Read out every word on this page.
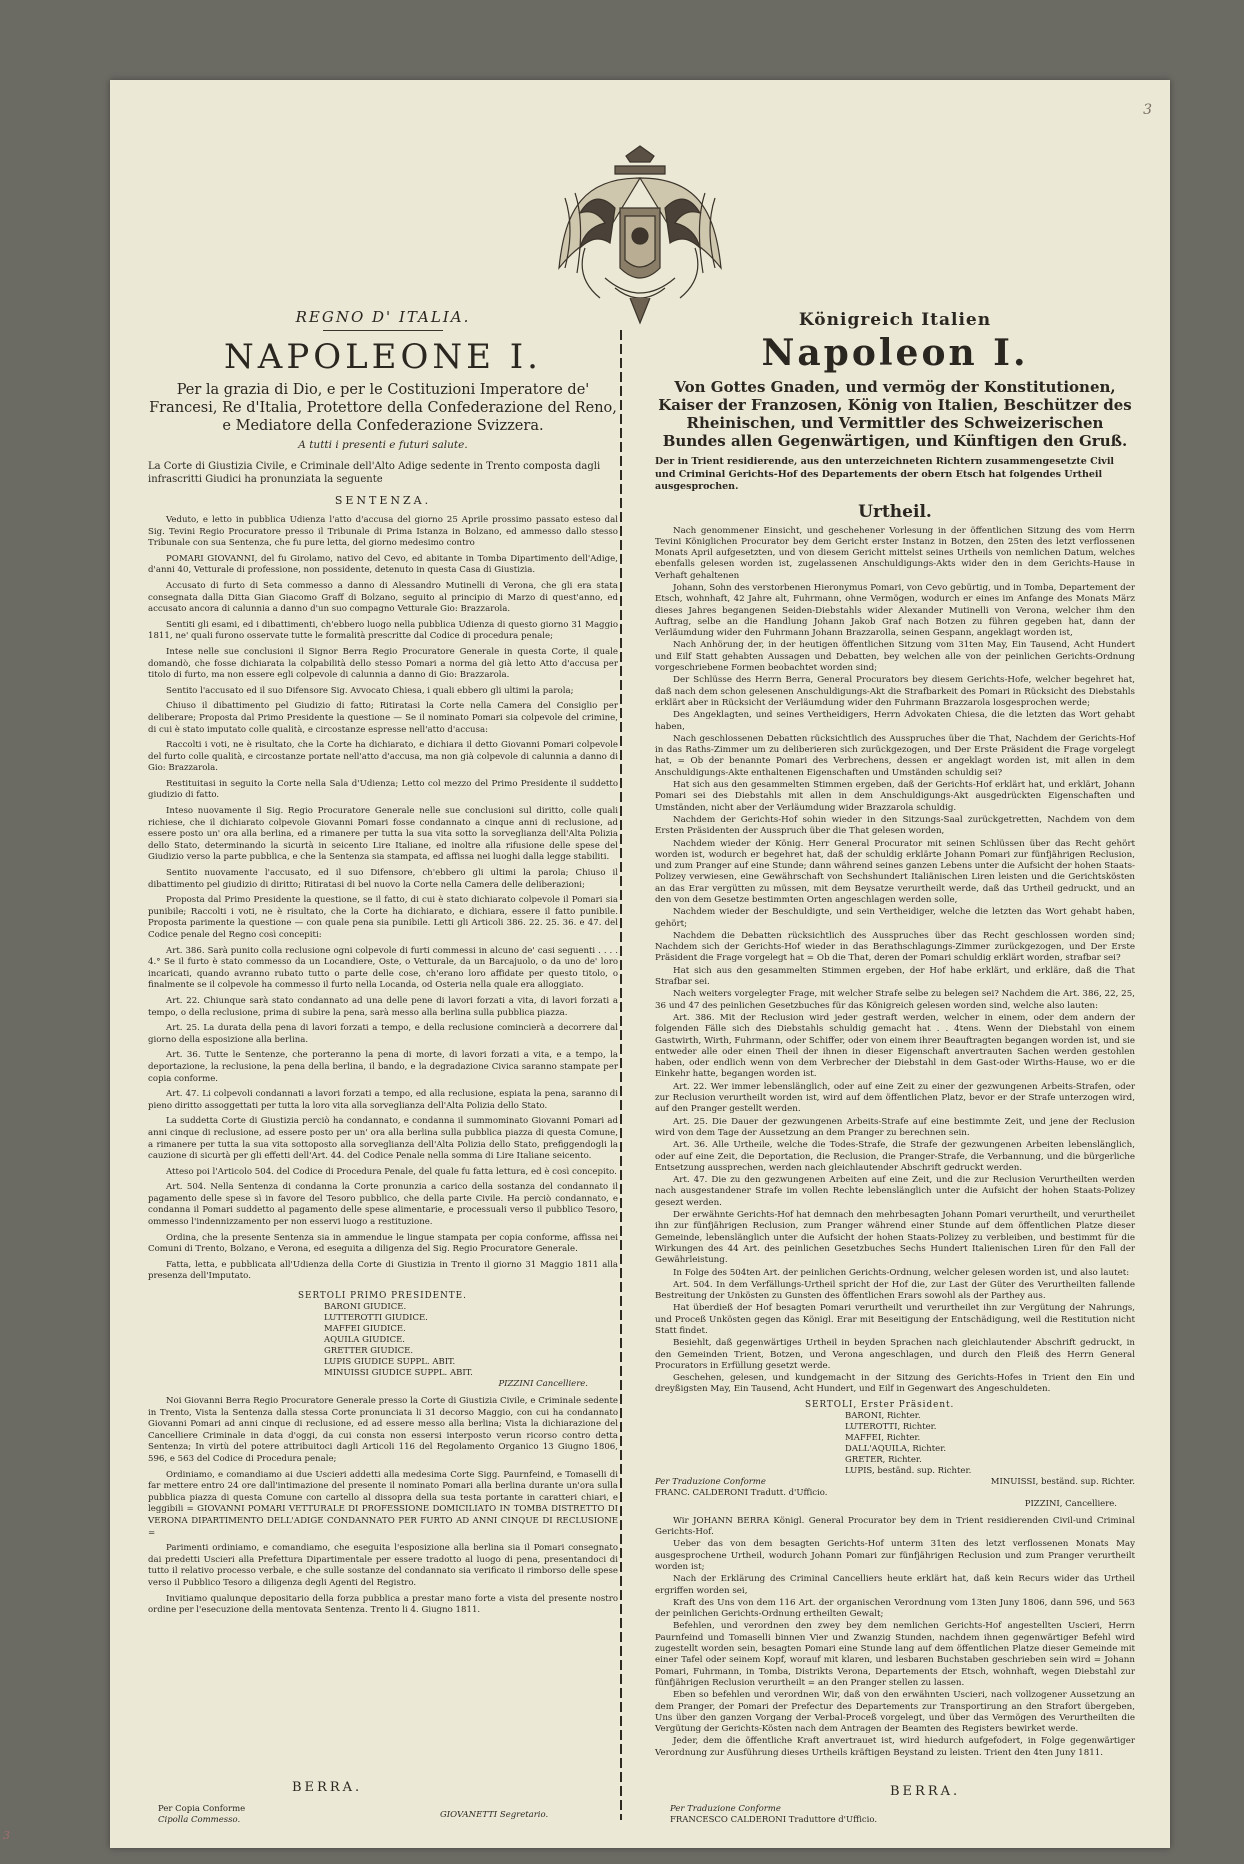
3
REGNO D' ITALIA.
NAPOLEONE I.
Per la grazia di Dio, e per le Costituzioni Imperatore de' Francesi, Re d'Italia, Protettore della Confederazione del Reno, e Mediatore della Confederazione Svizzera.
A tutti i presenti e futuri salute.
La Corte di Giustizia Civile, e Criminale dell'Alto Adige sedente in Trento composta dagli infrascritti Giudici ha pronunziata la seguente
SENTENZA.

Veduto, e letto in pubblica Udienza l'atto d'accusa del giorno 25 Aprile prossimo passato esteso dal Sig. Tevini Regio Procuratore presso il Tribunale di Prima Istanza in Bolzano, ed ammesso dallo stesso Tribunale con sua Sentenza, che fu pure letta, del giorno medesimo contro

POMARI GIOVANNI, del fu Girolamo, nativo del Cevo, ed abitante in Tomba Dipartimento dell'Adige, d'anni 40, Vetturale di professione, non possidente, detenuto in questa Casa di Giustizia.

Accusato di furto di Seta commesso a danno di Alessandro Mutinelli di Verona, che gli era stata consegnata dalla Ditta Gian Giacomo Graff di Bolzano, seguito al principio di Marzo di quest'anno, ed accusato ancora di calunnia a danno d'un suo compagno Vetturale Gio: Brazzarola.

Sentiti gli esami, ed i dibattimenti, ch'ebbero luogo nella pubblica Udienza di questo giorno 31 Maggio 1811, ne' quali furono osservate tutte le formalità prescritte dal Codice di procedura penale;

Intese nelle sue conclusioni il Signor Berra Regio Procuratore Generale in questa Corte, il quale domandò, che fosse dichiarata la colpabilità dello stesso Pomari a norma del già letto Atto d'accusa per titolo di furto, ma non essere egli colpevole di calunnia a danno di Gio: Brazzarola.

Sentito l'accusato ed il suo Difensore Sig. Avvocato Chiesa, i quali ebbero gli ultimi la parola;

Chiuso il dibattimento pel Giudizio di fatto; Ritiratasi la Corte nella Camera del Consiglio per deliberare; Proposta dal Primo Presidente la questione — Se il nominato Pomari sia colpevole del crimine, di cui è stato imputato colle qualità, e circostanze espresse nell'atto d'accusa:

Raccolti i voti, ne è risultato, che la Corte ha dichiarato, e dichiara il detto Giovanni Pomari colpevole del furto colle qualità, e circostanze portate nell'atto d'accusa, ma non già colpevole di calunnia a danno di Gio: Brazzarola.

Restituitasi in seguito la Corte nella Sala d'Udienza; Letto col mezzo del Primo Presidente il suddetto giudizio di fatto.

Inteso nuovamente il Sig. Regio Procuratore Generale nelle sue conclusioni sul diritto, colle quali richiese, che il dichiarato colpevole Giovanni Pomari fosse condannato a cinque anni di reclusione, ad essere posto un' ora alla berlina, ed a rimanere per tutta la sua vita sotto la sorveglianza dell'Alta Polizia dello Stato, determinando la sicurtà in seicento Lire Italiane, ed inoltre alla rifusione delle spese del Giudizio verso la parte pubblica, e che la Sentenza sia stampata, ed affissa nei luoghi dalla legge stabiliti.

Sentito nuovamente l'accusato, ed il suo Difensore, ch'ebbero gli ultimi la parola; Chiuso il dibattimento pel giudizio di diritto; Ritiratasi di bel nuovo la Corte nella Camera delle deliberazioni;

Proposta dal Primo Presidente la questione, se il fatto, di cui è stato dichiarato colpevole il Pomari sia punibile; Raccolti i voti, ne è risultato, che la Corte ha dichiarato, e dichiara, essere il fatto punibile. Proposta parimente la questione — con quale pena sia punibile. Letti gli Articoli 386. 22. 25. 36. e 47. del Codice penale del Regno così concepiti:

Art. 386. Sarà punito colla reclusione ogni colpevole di furti commessi in alcuno de' casi seguenti . . . . 4.° Se il furto è stato commesso da un Locandiere, Oste, o Vetturale, da un Barcajuolo, o da uno de' loro incaricati, quando avranno rubato tutto o parte delle cose, ch'erano loro affidate per questo titolo, o finalmente se il colpevole ha commesso il furto nella Locanda, od Osteria nella quale era alloggiato.

Art. 22. Chiunque sarà stato condannato ad una delle pene di lavori forzati a vita, di lavori forzati a tempo, o della reclusione, prima di subire la pena, sarà messo alla berlina sulla pubblica piazza.

Art. 25. La durata della pena di lavori forzati a tempo, e della reclusione comincierà a decorrere dal giorno della esposizione alla berlina.

Art. 36. Tutte le Sentenze, che porteranno la pena di morte, di lavori forzati a vita, e a tempo, la deportazione, la reclusione, la pena della berlina, il bando, e la degradazione Civica saranno stampate per copia conforme.

Art. 47. Li colpevoli condannati a lavori forzati a tempo, ed alla reclusione, espiata la pena, saranno di pieno diritto assoggettati per tutta la loro vita alla sorveglianza dell'Alta Polizia dello Stato.

La suddetta Corte di Giustizia perciò ha condannato, e condanna il summominato Giovanni Pomari ad anni cinque di reclusione, ad essere posto per un' ora alla berlina sulla pubblica piazza di questa Comune, a rimanere per tutta la sua vita sottoposto alla sorveglianza dell'Alta Polizia dello Stato, prefiggendogli la cauzione di sicurtà per gli effetti dell'Art. 44. del Codice Penale nella somma di Lire Italiane seicento.

Atteso poi l'Articolo 504. del Codice di Procedura Penale, del quale fu fatta lettura, ed è così concepito.

Art. 504. Nella Sentenza di condanna la Corte pronunzia a carico della sostanza del condannato il pagamento delle spese sì in favore del Tesoro pubblico, che della parte Civile. Ha perciò condannato, e condanna il Pomari suddetto al pagamento delle spese alimentarie, e processuali verso il pubblico Tesoro, ommesso l'indennizzamento per non esservi luogo a restituzione.

Ordina, che la presente Sentenza sia in ammendue le lingue stampata per copia conforme, affissa nei Comuni di Trento, Bolzano, e Verona, ed eseguita a diligenza del Sig. Regio Procuratore Generale.

Fatta, letta, e pubblicata all'Udienza della Corte di Giustizia in Trento il giorno 31 Maggio 1811 alla presenza dell'Imputato.

SERTOLI PRIMO PRESIDENTE.
BARONI GIUDICE.
LUTTEROTTI GIUDICE.
MAFFEI GIUDICE.
AQUILA GIUDICE.
GRETTER GIUDICE.
LUPIS GIUDICE SUPPL. ABIT.
MINUISSI GIUDICE SUPPL. ABIT.
PIZZINI Cancelliere.

Noi Giovanni Berra Regio Procuratore Generale presso la Corte di Giustizia Civile, e Criminale sedente in Trento, Vista la Sentenza dalla stessa Corte pronunciata li 31 decorso Maggio, con cui ha condannato Giovanni Pomari ad anni cinque di reclusione, ed ad essere messo alla berlina; Vista la dichiarazione del Cancelliere Criminale in data d'oggi, da cui consta non essersi interposto verun ricorso contro detta Sentenza; In virtù del potere attribuitoci dagli Articoli 116 del Regolamento Organico 13 Giugno 1806, 596, e 563 del Codice di Procedura penale;

Ordiniamo, e comandiamo ai due Uscieri addetti alla medesima Corte Sigg. Paurnfeind, e Tomaselli di far mettere entro 24 ore dall'intimazione del presente il nominato Pomari alla berlina durante un'ora sulla pubblica piazza di questa Comune con cartello al dissopra della sua testa portante in caratteri chiari, e leggibili = GIOVANNI POMARI VETTURALE DI PROFESSIONE DOMICILIATO IN TOMBA DISTRETTO DI VERONA DIPARTIMENTO DELL'ADIGE CONDANNATO PER FURTO AD ANNI CINQUE DI RECLUSIONE =

Parimenti ordiniamo, e comandiamo, che eseguita l'esposizione alla berlina sia il Pomari consegnato dai predetti Uscieri alla Prefettura Dipartimentale per essere tradotto al luogo di pena, presentandoci di tutto il relativo processo verbale, e che sulle sostanze del condannato sia verificato il rimborso delle spese verso il Pubblico Tesoro a diligenza degli Agenti del Registro.

Invitiamo qualunque depositario della forza pubblica a prestar mano forte a vista del presente nostro ordine per l'esecuzione della mentovata Sentenza. Trento li 4. Giugno 1811.

BERRA.
Per Copia Conforme
Cipolla Commesso.	GIOVANETTI Segretario.
Königreich Italien
Napoleon I.
Von Gottes Gnaden, und vermög der Konstitutionen, Kaiser der Franzosen, König von Italien, Beschützer des Rheinischen, und Vermittler des Schweizerischen Bundes allen Gegenwärtigen, und Künftigen den Gruß.
Der in Trient residierende, aus den unterzeichneten Richtern zusammengesetzte Civil und Criminal Gerichts-Hof des Departements der obern Etsch hat folgendes Urtheil ausgesprochen.
Urtheil.

Nach genommener Einsicht, und geschehener Vorlesung in der öffentlichen Sitzung des vom Herrn Tevini Königlichen Procurator bey dem Gericht erster Instanz in Botzen, den 25ten des letzt verflossenen Monats April aufgesetzten, und von diesem Gericht mittelst seines Urtheils von nemlichen Datum, welches ebenfalls gelesen worden ist, zugelassenen Anschuldigungs-Akts wider den in dem Gerichts-Hause in Verhaft gehaltenen

Johann, Sohn des verstorbenen Hieronymus Pomari, von Cevo gebürtig, und in Tomba, Departement der Etsch, wohnhaft, 42 Jahre alt, Fuhrmann, ohne Vermögen, wodurch er eines im Anfange des Monats März dieses Jahres begangenen Seiden-Diebstahls wider Alexander Mutinelli von Verona, welcher ihm den Auftrag, selbe an die Handlung Johann Jakob Graf nach Botzen zu führen gegeben hat, dann der Verläumdung wider den Fuhrmann Johann Brazzarolla, seinen Gespann, angeklagt worden ist,

Nach Anhörung der, in der heutigen öffentlichen Sitzung vom 31ten May, Ein Tausend, Acht Hundert und Eilf Statt gehabten Aussagen und Debatten, bey welchen alle von der peinlichen Gerichts-Ordnung vorgeschriebene Formen beobachtet worden sind;

Der Schlüsse des Herrn Berra, General Procurators bey diesem Gerichts-Hofe, welcher begehret hat, daß nach dem schon gelesenen Anschuldigungs-Akt die Strafbarkeit des Pomari in Rücksicht des Diebstahls erklärt aber in Rücksicht der Verläumdung wider den Fuhrmann Brazzarola losgesprochen werde;

Des Angeklagten, und seines Vertheidigers, Herrn Advokaten Chiesa, die die letzten das Wort gehabt haben,

Nach geschlossenen Debatten rücksichtlich des Ausspruches über die That, Nachdem der Gerichts-Hof in das Raths-Zimmer um zu deliberieren sich zurückgezogen, und Der Erste Präsident die Frage vorgelegt hat, = Ob der benannte Pomari des Verbrechens, dessen er angeklagt worden ist, mit allen in dem Anschuldigungs-Akte enthaltenen Eigenschaften und Umständen schuldig sei?

Hat sich aus den gesammelten Stimmen ergeben, daß der Gerichts-Hof erklärt hat, und erklärt, Johann Pomari sei des Diebstahls mit allen in dem Anschuldigungs-Akt ausgedrückten Eigenschaften und Umständen, nicht aber der Verläumdung wider Brazzarola schuldig.

Nachdem der Gerichts-Hof sohin wieder in den Sitzungs-Saal zurückgetretten, Nachdem von dem Ersten Präsidenten der Ausspruch über die That gelesen worden,

Nachdem wieder der König. Herr General Procurator mit seinen Schlüssen über das Recht gehört worden ist, wodurch er begehret hat, daß der schuldig erklärte Johann Pomari zur fünfjährigen Reclusion, und zum Pranger auf eine Stunde; dann während seines ganzen Lebens unter die Aufsicht der hohen Staats-Polizey verwiesen, eine Gewährschaft von Sechshundert Italiänischen Liren leisten und die Gerichtskösten an das Erar vergütten zu müssen, mit dem Beysatze verurtheilt werde, daß das Urtheil gedruckt, und an den von dem Gesetze bestimmten Orten angeschlagen werden solle,

Nachdem wieder der Beschuldigte, und sein Vertheidiger, welche die letzten das Wort gehabt haben, gehört;

Nachdem die Debatten rücksichtlich des Ausspruches über das Recht geschlossen worden sind; Nachdem sich der Gerichts-Hof wieder in das Berathschlagungs-Zimmer zurückgezogen, und Der Erste Präsident die Frage vorgelegt hat = Ob die That, deren der Pomari schuldig erklärt worden, strafbar sei?

Hat sich aus den gesammelten Stimmen ergeben, der Hof habe erklärt, und erkläre, daß die That Strafbar sei.

Nach weiters vorgelegter Frage, mit welcher Strafe selbe zu belegen sei? Nachdem die Art. 386, 22, 25, 36 und 47 des peinlichen Gesetzbuches für das Königreich gelesen worden sind, welche also lauten:

Art. 386. Mit der Reclusion wird jeder gestraft werden, welcher in einem, oder dem andern der folgenden Fälle sich des Diebstahls schuldig gemacht hat . . 4tens. Wenn der Diebstahl von einem Gastwirth, Wirth, Fuhrmann, oder Schiffer, oder von einem ihrer Beauftragten begangen worden ist, und sie entweder alle oder einen Theil der ihnen in dieser Eigenschaft anvertrauten Sachen werden gestohlen haben, oder endlich wenn von dem Verbrecher der Diebstahl in dem Gast-oder Wirths-Hause, wo er die Einkehr hatte, begangen worden ist.

Art. 22. Wer immer lebenslänglich, oder auf eine Zeit zu einer der gezwungenen Arbeits-Strafen, oder zur Reclusion verurtheilt worden ist, wird auf dem öffentlichen Platz, bevor er der Strafe unterzogen wird, auf den Pranger gestellt werden.

Art. 25. Die Dauer der gezwungenen Arbeits-Strafe auf eine bestimmte Zeit, und jene der Reclusion wird von dem Tage der Aussetzung an dem Pranger zu berechnen sein.

Art. 36. Alle Urtheile, welche die Todes-Strafe, die Strafe der gezwungenen Arbeiten lebenslänglich, oder auf eine Zeit, die Deportation, die Reclusion, die Pranger-Strafe, die Verbannung, und die bürgerliche Entsetzung aussprechen, werden nach gleichlautender Abschrift gedruckt werden.

Art. 47. Die zu den gezwungenen Arbeiten auf eine Zeit, und die zur Reclusion Verurtheilten werden nach ausgestandener Strafe im vollen Rechte lebenslänglich unter die Aufsicht der hohen Staats-Polizey gesezt werden.

Der erwähnte Gerichts-Hof hat demnach den mehrbesagten Johann Pomari verurtheilt, und verurtheilet ihn zur fünfjährigen Reclusion, zum Pranger während einer Stunde auf dem öffentlichen Platze dieser Gemeinde, lebenslänglich unter die Aufsicht der hohen Staats-Polizey zu verbleiben, und bestimmt für die Wirkungen des 44 Art. des peinlichen Gesetzbuches Sechs Hundert Italienischen Liren für den Fall der Gewährleistung.

In Folge des 504ten Art. der peinlichen Gerichts-Ordnung, welcher gelesen worden ist, und also lautet:

Art. 504. In dem Verfällungs-Urtheil spricht der Hof die, zur Last der Güter des Verurtheilten fallende Bestreitung der Unkösten zu Gunsten des öffentlichen Erars sowohl als der Parthey aus.

Hat überdieß der Hof besagten Pomari verurtheilt und verurtheilet ihn zur Vergütung der Nahrungs, und Proceß Unkösten gegen das Königl. Erar mit Beseitigung der Entschädigung, weil die Restitution nicht Statt findet.

Besiehlt, daß gegenwärtiges Urtheil in beyden Sprachen nach gleichlautender Abschrift gedruckt, in den Gemeinden Trient, Botzen, und Verona angeschlagen, und durch den Fleiß des Herrn General Procurators in Erfüllung gesetzt werde.

Geschehen, gelesen, und kundgemacht in der Sitzung des Gerichts-Hofes in Trient den Ein und dreyßigsten May, Ein Tausend, Acht Hundert, und Eilf in Gegenwart des Angeschuldeten.

SERTOLI, Erster Präsident.
BARONI, Richter.
LUTEROTTI, Richter.
MAFFEI, Richter.
DALL'AQUILA, Richter.
GRETER, Richter.
LUPIS, beständ. sup. Richter.
Per Traduzione Conforme
FRANC. CALDERONI Tradutt. d'Ufficio.
MINUISSI, beständ. sup. Richter.
PIZZINI, Cancelliere.

Wir JOHANN BERRA Königl. General Procurator bey dem in Trient residierenden Civil-und Criminal Gerichts-Hof.

Ueber das von dem besagten Gerichts-Hof unterm 31ten des letzt verflossenen Monats May ausgesprochene Urtheil, wodurch Johann Pomari zur fünfjährigen Reclusion und zum Pranger verurtheilt worden ist;

Nach der Erklärung des Criminal Cancelliers heute erklärt hat, daß kein Recurs wider das Urtheil ergriffen worden sei,

Kraft des Uns von dem 116 Art. der organischen Verordnung vom 13ten Juny 1806, dann 596, und 563 der peinlichen Gerichts-Ordnung ertheilten Gewalt;

Befehlen, und verordnen den zwey bey dem nemlichen Gerichts-Hof angestellten Uscieri, Herrn Paurnfeind und Tomaselli binnen Vier und Zwanzig Stunden, nachdem ihnen gegenwärtiger Befehl wird zugestellt worden sein, besagten Pomari eine Stunde lang auf dem öffentlichen Platze dieser Gemeinde mit einer Tafel oder seinem Kopf, worauf mit klaren, und lesbaren Buchstaben geschrieben sein wird = Johann Pomari, Fuhrmann, in Tomba, Distrikts Verona, Departements der Etsch, wohnhaft, wegen Diebstahl zur fünfjährigen Reclusion verurtheilt = an den Pranger stellen zu lassen.

Eben so befehlen und verordnen Wir, daß von den erwähnten Uscieri, nach vollzogener Aussetzung an dem Pranger, der Pomari der Prefectur des Departements zur Transportirung an den Strafort übergeben, Uns über den ganzen Vorgang der Verbal-Proceß vorgelegt, und über das Vermögen des Verurtheilten die Vergütung der Gerichts-Kösten nach dem Antragen der Beamten des Registers bewirket werde.

Jeder, dem die öffentliche Kraft anvertrauet ist, wird hiedurch aufgefodert, in Folge gegenwärtiger Verordnung zur Ausführung dieses Urtheils kräftigen Beystand zu leisten. Trient den 4ten Juny 1811.

BERRA.
Per Traduzione Conforme
FRANCESCO CALDERONI Traduttore d'Ufficio.
3
